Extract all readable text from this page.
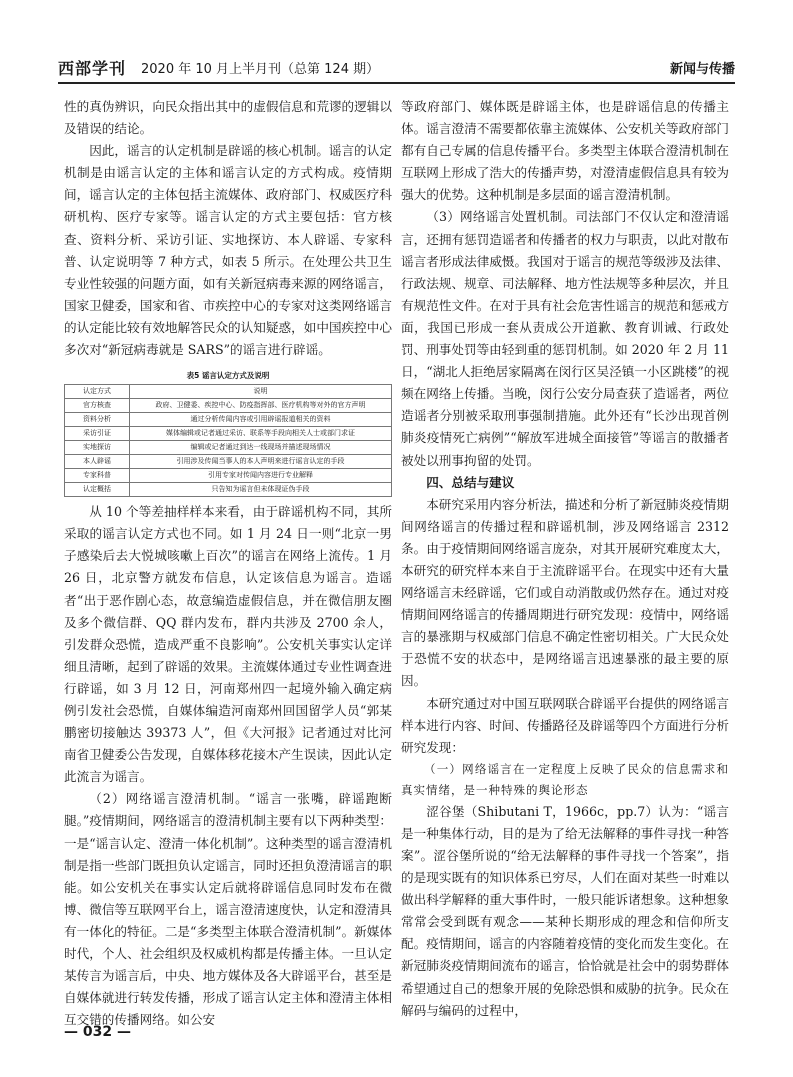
西部学刊 2020 年 10 月上半月刊（总第 124 期）	新闻与传播

性的真伪辨识，向民众指出其中的虚假信息和荒谬的逻辑以及错误的结论。

因此，谣言的认定机制是辟谣的核心机制。谣言的认定机制是由谣言认定的主体和谣言认定的方式构成。疫情期间，谣言认定的主体包括主流媒体、政府部门、权威医疗科研机构、医疗专家等。谣言认定的方式主要包括：官方核查、资料分析、采访引证、实地探访、本人辟谣、专家科普、认定说明等 7 种方式，如表 5 所示。在处理公共卫生专业性较强的问题方面，如有关新冠病毒来源的网络谣言，国家卫健委，国家和省、市疾控中心的专家对这类网络谣言的认定能比较有效地解答民众的认知疑惑，如中国疾控中心多次对“新冠病毒就是 SARS”的谣言进行辟谣。

表5 谣言认定方式及说明
认定方式	说明
官方核查	政府、卫健委、疾控中心、防疫指挥部、医疗机构等对外的官方声明
资料分析	通过分析传闻内容或引用辟谣报道相关的资料
采访引证	媒体编辑或记者通过采访、联系等手段向相关人士或部门求证
实地探访	编辑或记者通过到达一线现场并描述现场情况
本人辟谣	引用涉及传闻当事人的本人声明来进行谣言认定的手段
专家科普	引用专家对传闻内容进行专业解释
认定概括	只告知为谣言但未体现证伪手段

从 10 个等差抽样样本来看，由于辟谣机构不同，其所采取的谣言认定方式也不同。如 1 月 24 日一则“北京一男子感染后去大悦城咳嗽上百次”的谣言在网络上流传。1 月 26 日，北京警方就发布信息，认定该信息为谣言。造谣者“出于恶作剧心态，故意编造虚假信息，并在微信朋友圈及多个微信群、QQ 群内发布，群内共涉及 2700 余人，引发群众恐慌，造成严重不良影响”。公安机关事实认定详细且清晰，起到了辟谣的效果。主流媒体通过专业性调查进行辟谣，如 3 月 12 日，河南郑州四一起境外输入确定病例引发社会恐慌，自媒体编造河南郑州回国留学人员“郭某鹏密切接触达 39373 人”，但《大河报》记者通过对比河南省卫健委公告发现，自媒体移花接木产生误读，因此认定此流言为谣言。

（2）网络谣言澄清机制。“谣言一张嘴，辟谣跑断腿。”疫情期间，网络谣言的澄清机制主要有以下两种类型：一是“谣言认定、澄清一体化机制”。这种类型的谣言澄清机制是指一些部门既担负认定谣言，同时还担负澄清谣言的职能。如公安机关在事实认定后就将辟谣信息同时发布在微博、微信等互联网平台上，谣言澄清速度快，认定和澄清具有一体化的特征。二是“多类型主体联合澄清机制”。新媒体时代，个人、社会组织及权威机构都是传播主体。一旦认定某传言为谣言后，中央、地方媒体及各大辟谣平台，甚至是自媒体就进行转发传播，形成了谣言认定主体和澄清主体相互交错的传播网络。如公安

等政府部门、媒体既是辟谣主体，也是辟谣信息的传播主体。谣言澄清不需要都依靠主流媒体、公安机关等政府部门都有自己专属的信息传播平台。多类型主体联合澄清机制在互联网上形成了浩大的传播声势，对澄清虚假信息具有较为强大的优势。这种机制是多层面的谣言澄清机制。

（3）网络谣言处置机制。司法部门不仅认定和澄清谣言，还拥有惩罚造谣者和传播者的权力与职责，以此对散布谣言者形成法律威慑。我国对于谣言的规范等级涉及法律、行政法规、规章、司法解释、地方性法规等多种层次，并且有规范性文件。在对于具有社会危害性谣言的规范和惩戒方面，我国已形成一套从责成公开道歉、教育训诫、行政处罚、刑事处罚等由轻到重的惩罚机制。如 2020 年 2 月 11 日，“湖北人拒绝居家隔离在闵行区吴泾镇一小区跳楼”的视频在网络上传播。当晚，闵行公安分局查获了造谣者，两位造谣者分别被采取刑事强制措施。此外还有“长沙出现首例肺炎疫情死亡病例”“解放军进城全面接管”等谣言的散播者被处以刑事拘留的处罚。

四、总结与建议

本研究采用内容分析法，描述和分析了新冠肺炎疫情期间网络谣言的传播过程和辟谣机制，涉及网络谣言 2312 条。由于疫情期间网络谣言庞杂，对其开展研究难度太大，本研究的研究样本来自于主流辟谣平台。在现实中还有大量网络谣言未经辟谣，它们或自动消散或仍然存在。通过对疫情期间网络谣言的传播周期进行研究发现：疫情中，网络谣言的暴涨期与权威部门信息不确定性密切相关。广大民众处于恐慌不安的状态中，是网络谣言迅速暴涨的最主要的原因。

本研究通过对中国互联网联合辟谣平台提供的网络谣言样本进行内容、时间、传播路径及辟谣等四个方面进行分析研究发现：

（一）网络谣言在一定程度上反映了民众的信息需求和真实情绪，是一种特殊的舆论形态

涩谷堡（Shibutani T，1966c，pp.7）认为：“谣言是一种集体行动，目的是为了给无法解释的事件寻找一种答案”。涩谷堡所说的“给无法解释的事件寻找一个答案”，指的是现实既有的知识体系已穷尽，人们在面对某些一时难以做出科学解释的重大事件时，一般只能诉诸想象。这种想象常常会受到既有观念——某种长期形成的理念和信仰所支配。疫情期间，谣言的内容随着疫情的变化而发生变化。在新冠肺炎疫情期间流布的谣言，恰恰就是社会中的弱势群体希望通过自己的想象开展的免除恐惧和威胁的抗争。民众在解码与编码的过程中，

— 032 —
